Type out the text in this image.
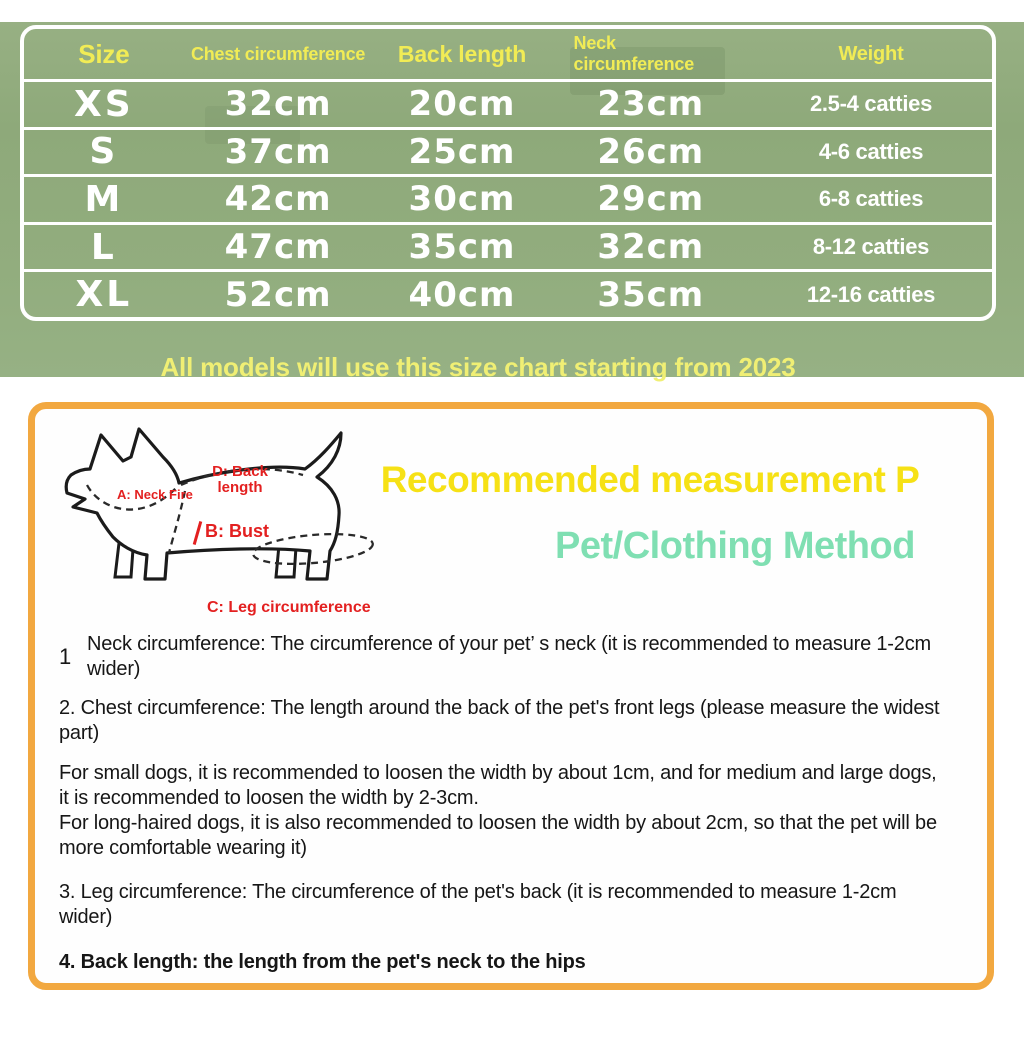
Size	Chest circumference	Back length	Neck circumference	Weight
XS	32cm	20cm	23cm	2.5-4 catties
S	37cm	25cm	26cm	4-6 catties
M	42cm	30cm	29cm	6-8 catties
L	47cm	35cm	32cm	8-12 catties
XL	52cm	40cm	35cm	12-16 catties
All models will use this size chart starting from 2023
A: Neck Fire
D: Back
length
B: Bust
C: Leg circumference
Recommended measurement P
Pet/Clothing Method
1 Neck circumference: The circumference of your pet’ s neck (it is recommended to measure 1-2cm wider)

2. Chest circumference: The length around the back of the pet's front legs (please measure the widest part)

For small dogs, it is recommended to loosen the width by about 1cm, and for medium and large dogs, it is recommended to loosen the width by 2-3cm.
For long-haired dogs, it is also recommended to loosen the width by about 2cm, so that the pet will be more comfortable wearing it)

3. Leg circumference: The circumference of the pet's back (it is recommended to measure 1-2cm wider)

4. Back length: the length from the pet's neck to the hips
